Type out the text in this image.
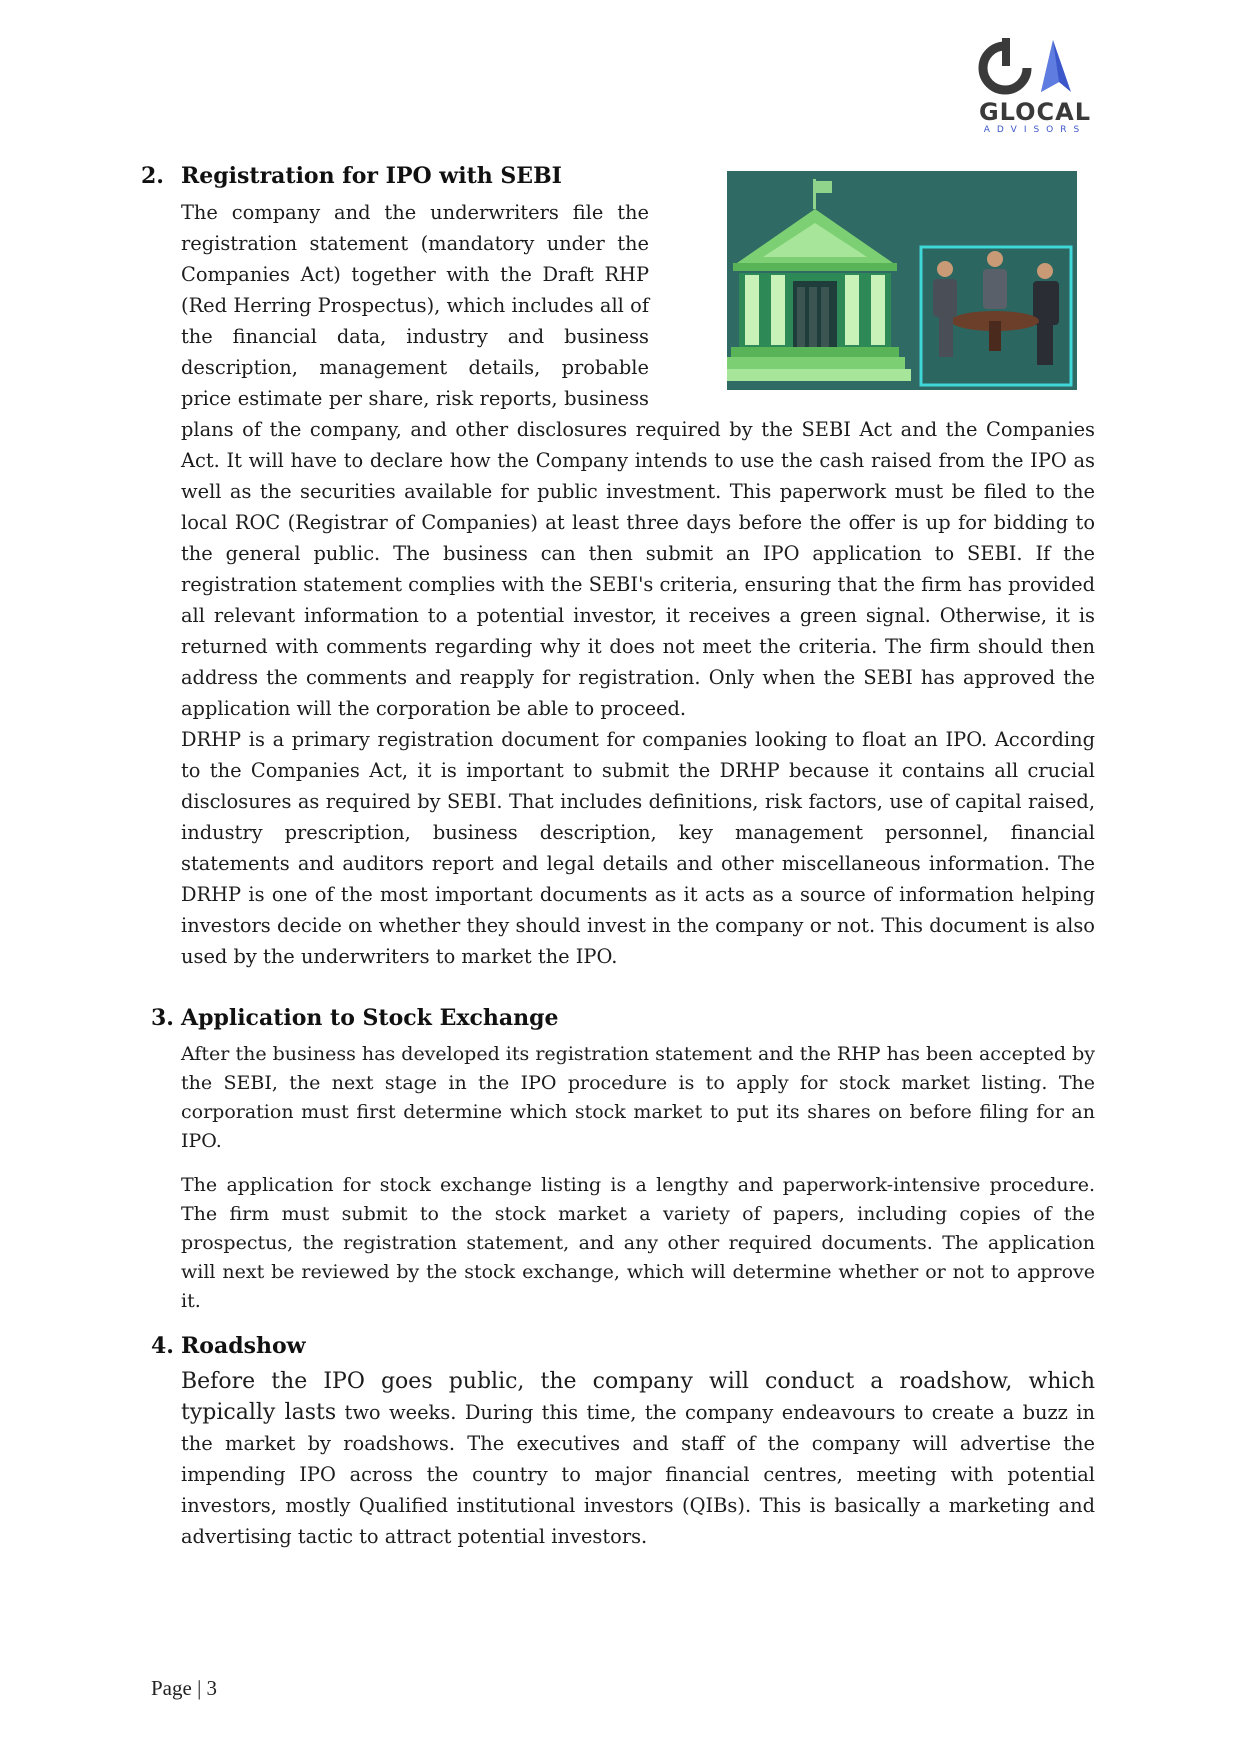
GLOCAL
ADVISORS
2. Registration for IPO with SEBI
The company and the underwriters file the registration statement (mandatory under the Companies Act) together with the Draft RHP (Red Herring Prospectus), which includes all of the financial data, industry and business description, management details, probable price estimate per share, risk reports, business plans of the company, and other disclosures required by the SEBI Act and the Companies Act. It will have to declare how the Company intends to use the cash raised from the IPO as well as the securities available for public investment. This paperwork must be filed to the local ROC (Registrar of Companies) at least three days before the offer is up for bidding to the general public. The business can then submit an IPO application to SEBI. If the registration statement complies with the SEBI's criteria, ensuring that the firm has provided all relevant information to a potential investor, it receives a green signal. Otherwise, it is returned with comments regarding why it does not meet the criteria. The firm should then address the comments and reapply for registration. Only when the SEBI has approved the application will the corporation be able to proceed.
DRHP is a primary registration document for companies looking to float an IPO. According to the Companies Act, it is important to submit the DRHP because it contains all crucial disclosures as required by SEBI. That includes definitions, risk factors, use of capital raised, industry prescription, business description, key management personnel, financial statements and auditors report and legal details and other miscellaneous information. The DRHP is one of the most important documents as it acts as a source of information helping investors decide on whether they should invest in the company or not. This document is also used by the underwriters to market the IPO.
3. Application to Stock Exchange
After the business has developed its registration statement and the RHP has been accepted by the SEBI, the next stage in the IPO procedure is to apply for stock market listing. The corporation must first determine which stock market to put its shares on before filing for an IPO.
The application for stock exchange listing is a lengthy and paperwork-intensive procedure. The firm must submit to the stock market a variety of papers, including copies of the prospectus, the registration statement, and any other required documents. The application will next be reviewed by the stock exchange, which will determine whether or not to approve it.
4. Roadshow
Before the IPO goes public, the company will conduct a roadshow, which typically lasts two weeks. During this time, the company endeavours to create a buzz in the market by roadshows. The executives and staff of the company will advertise the impending IPO across the country to major financial centres, meeting with potential investors, mostly Qualified institutional investors (QIBs). This is basically a marketing and advertising tactic to attract potential investors.
Page | 3
